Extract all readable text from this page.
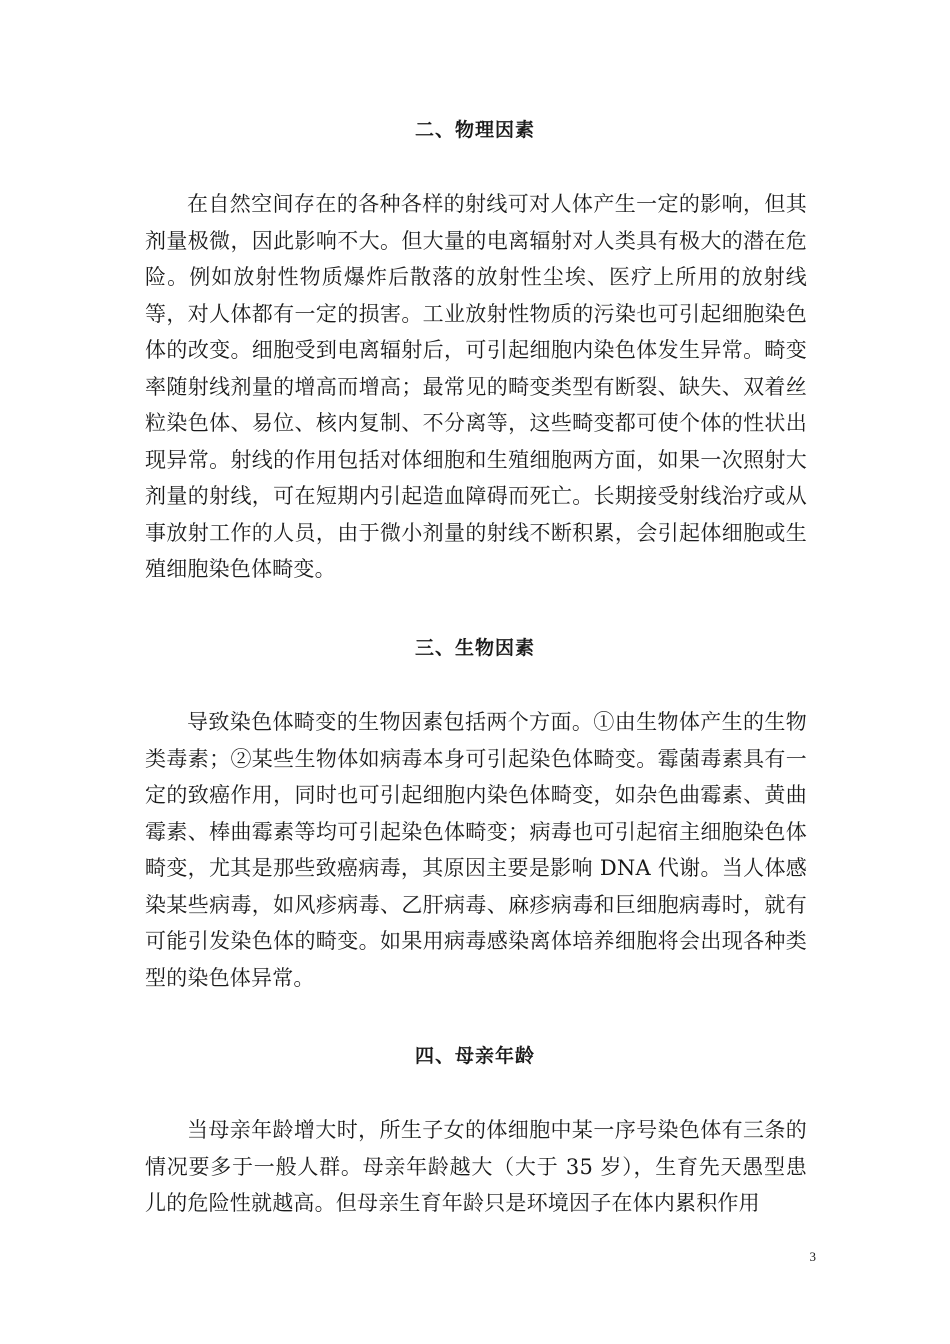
二、物理因素

在自然空间存在的各种各样的射线可对人体产生一定的影响，但其剂量极微，因此影响不大。但大量的电离辐射对人类具有极大的潜在危险。例如放射性物质爆炸后散落的放射性尘埃、医疗上所用的放射线等，对人体都有一定的损害。工业放射性物质的污染也可引起细胞染色体的改变。细胞受到电离辐射后，可引起细胞内染色体发生异常。畸变率随射线剂量的增高而增高；最常见的畸变类型有断裂、缺失、双着丝粒染色体、易位、核内复制、不分离等，这些畸变都可使个体的性状出现异常。射线的作用包括对体细胞和生殖细胞两方面，如果一次照射大剂量的射线，可在短期内引起造血障碍而死亡。长期接受射线治疗或从事放射工作的人员，由于微小剂量的射线不断积累，会引起体细胞或生殖细胞染色体畸变。

三、生物因素

导致染色体畸变的生物因素包括两个方面。①由生物体产生的生物类毒素；②某些生物体如病毒本身可引起染色体畸变。霉菌毒素具有一定的致癌作用，同时也可引起细胞内染色体畸变，如杂色曲霉素、黄曲霉素、棒曲霉素等均可引起染色体畸变；病毒也可引起宿主细胞染色体畸变，尤其是那些致癌病毒，其原因主要是影响 DNA 代谢。当人体感染某些病毒，如风疹病毒、乙肝病毒、麻疹病毒和巨细胞病毒时，就有可能引发染色体的畸变。如果用病毒感染离体培养细胞将会出现各种类型的染色体异常。

四、母亲年龄

当母亲年龄增大时，所生子女的体细胞中某一序号染色体有三条的情况要多于一般人群。母亲年龄越大（大于 35 岁），生育先天愚型患儿的危险性就越高。但母亲生育年龄只是环境因子在体内累积作用

3
